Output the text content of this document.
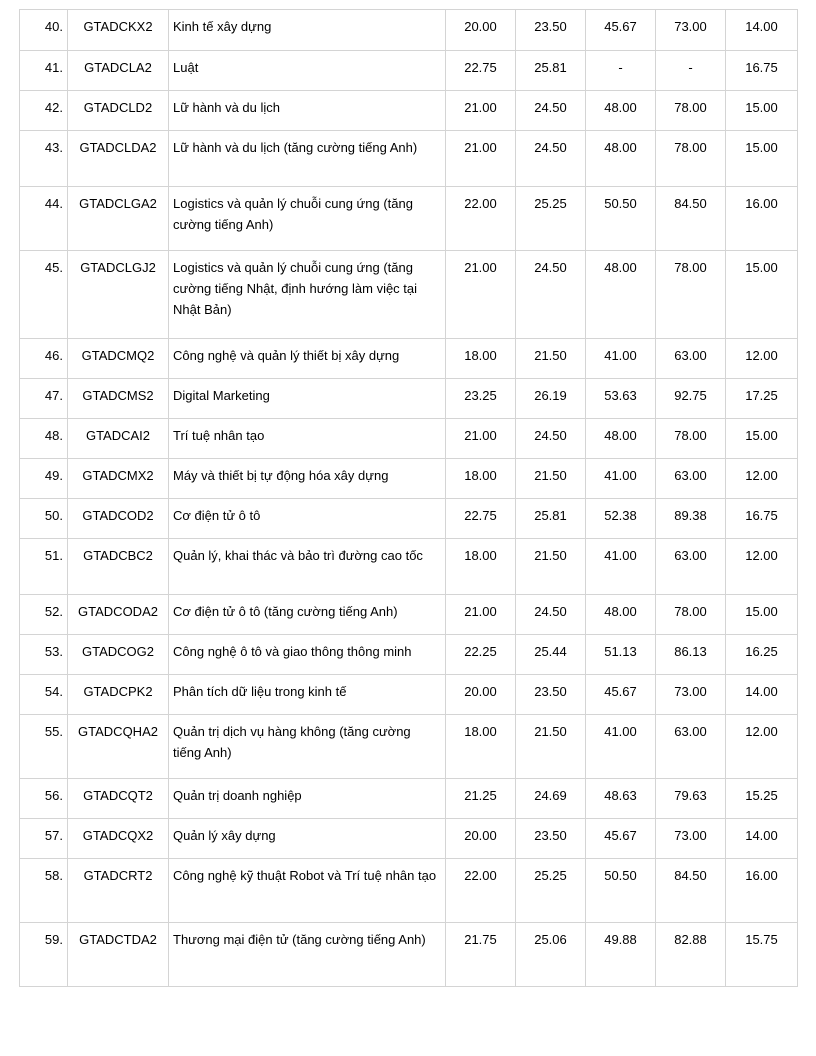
40.	GTADCKX2	Kinh tế xây dựng	20.00	23.50	45.67	73.00	14.00
41.	GTADCLA2	Luật	22.75	25.81	-	-	16.75
42.	GTADCLD2	Lữ hành và du lịch	21.00	24.50	48.00	78.00	15.00
43.	GTADCLDA2	Lữ hành và du lịch (tăng cường tiếng Anh)	21.00	24.50	48.00	78.00	15.00
44.	GTADCLGA2	Logistics và quản lý chuỗi cung ứng (tăng cường tiếng Anh)	22.00	25.25	50.50	84.50	16.00
45.	GTADCLGJ2	Logistics và quản lý chuỗi cung ứng (tăng cường tiếng Nhật, định hướng làm việc tại Nhật Bản)	21.00	24.50	48.00	78.00	15.00
46.	GTADCMQ2	Công nghệ và quản lý thiết bị xây dựng	18.00	21.50	41.00	63.00	12.00
47.	GTADCMS2	Digital Marketing	23.25	26.19	53.63	92.75	17.25
48.	GTADCAI2	Trí tuệ nhân tạo	21.00	24.50	48.00	78.00	15.00
49.	GTADCMX2	Máy và thiết bị tự động hóa xây dựng	18.00	21.50	41.00	63.00	12.00
50.	GTADCOD2	Cơ điện tử ô tô	22.75	25.81	52.38	89.38	16.75
51.	GTADCBC2	Quản lý, khai thác và bảo trì đường cao tốc	18.00	21.50	41.00	63.00	12.00
52.	GTADCODA2	Cơ điện tử ô tô (tăng cường tiếng Anh)	21.00	24.50	48.00	78.00	15.00
53.	GTADCOG2	Công nghệ ô tô và giao thông thông minh	22.25	25.44	51.13	86.13	16.25
54.	GTADCPK2	Phân tích dữ liệu trong kinh tế	20.00	23.50	45.67	73.00	14.00
55.	GTADCQHA2	Quản trị dịch vụ hàng không (tăng cường tiếng Anh)	18.00	21.50	41.00	63.00	12.00
56.	GTADCQT2	Quản trị doanh nghiệp	21.25	24.69	48.63	79.63	15.25
57.	GTADCQX2	Quản lý xây dựng	20.00	23.50	45.67	73.00	14.00
58.	GTADCRT2	Công nghệ kỹ thuật Robot và Trí tuệ nhân tạo	22.00	25.25	50.50	84.50	16.00
59.	GTADCTDA2	Thương mại điện tử (tăng cường tiếng Anh)	21.75	25.06	49.88	82.88	15.75
